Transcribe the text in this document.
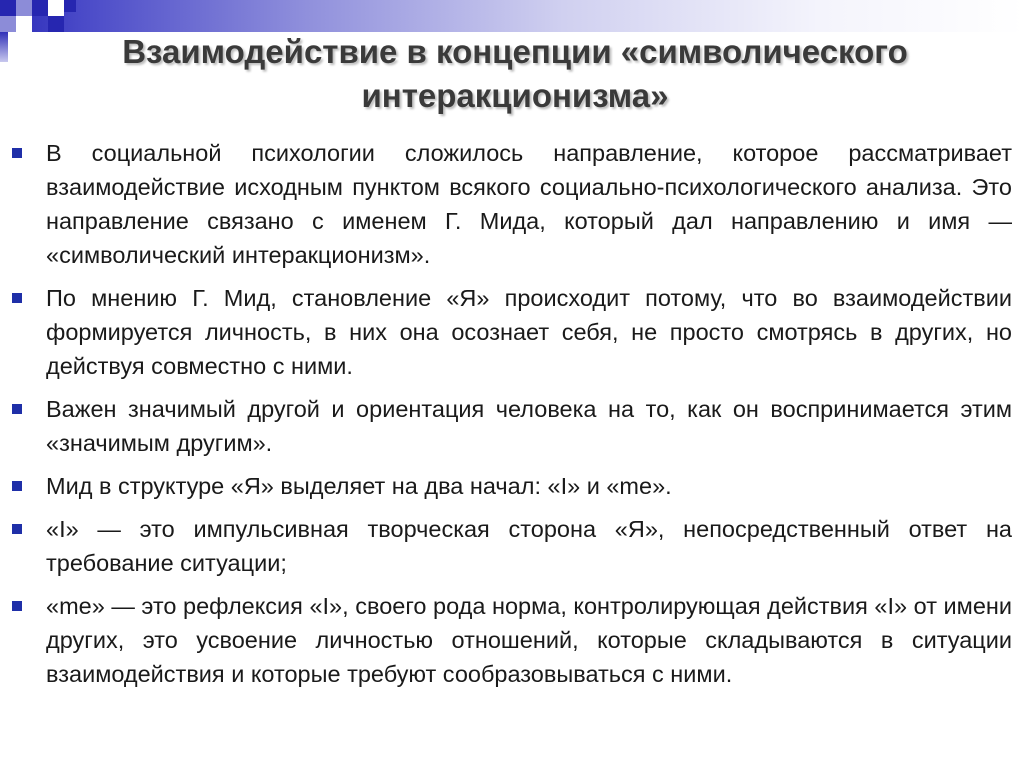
Взаимодействие в концепции «символического интеракционизма»
В социальной психологии сложилось направление, которое рассматривает взаимодействие исходным пунктом всякого социально-психологического анализа. Это направление связано с именем Г. Мида, который дал направлению и имя — «символический интеракционизм».
По мнению Г. Мид, становление «Я» происходит потому, что во взаимодействии формируется личность, в них она осознает себя, не просто смотрясь в других, но действуя совместно с ними.
Важен значимый другой и ориентация человека на то, как он воспринимается этим «значимым другим».
Мид в структуре «Я» выделяет на два начал: «I» и «me».
«I» — это импульсивная творческая сторона «Я», непосредственный ответ на требование ситуации;
«me» — это рефлексия «I», своего рода норма, контролирующая действия «I» от имени других, это усвоение личностью отношений, которые складываются в ситуации взаимодействия и которые требуют сообразовываться с ними.
